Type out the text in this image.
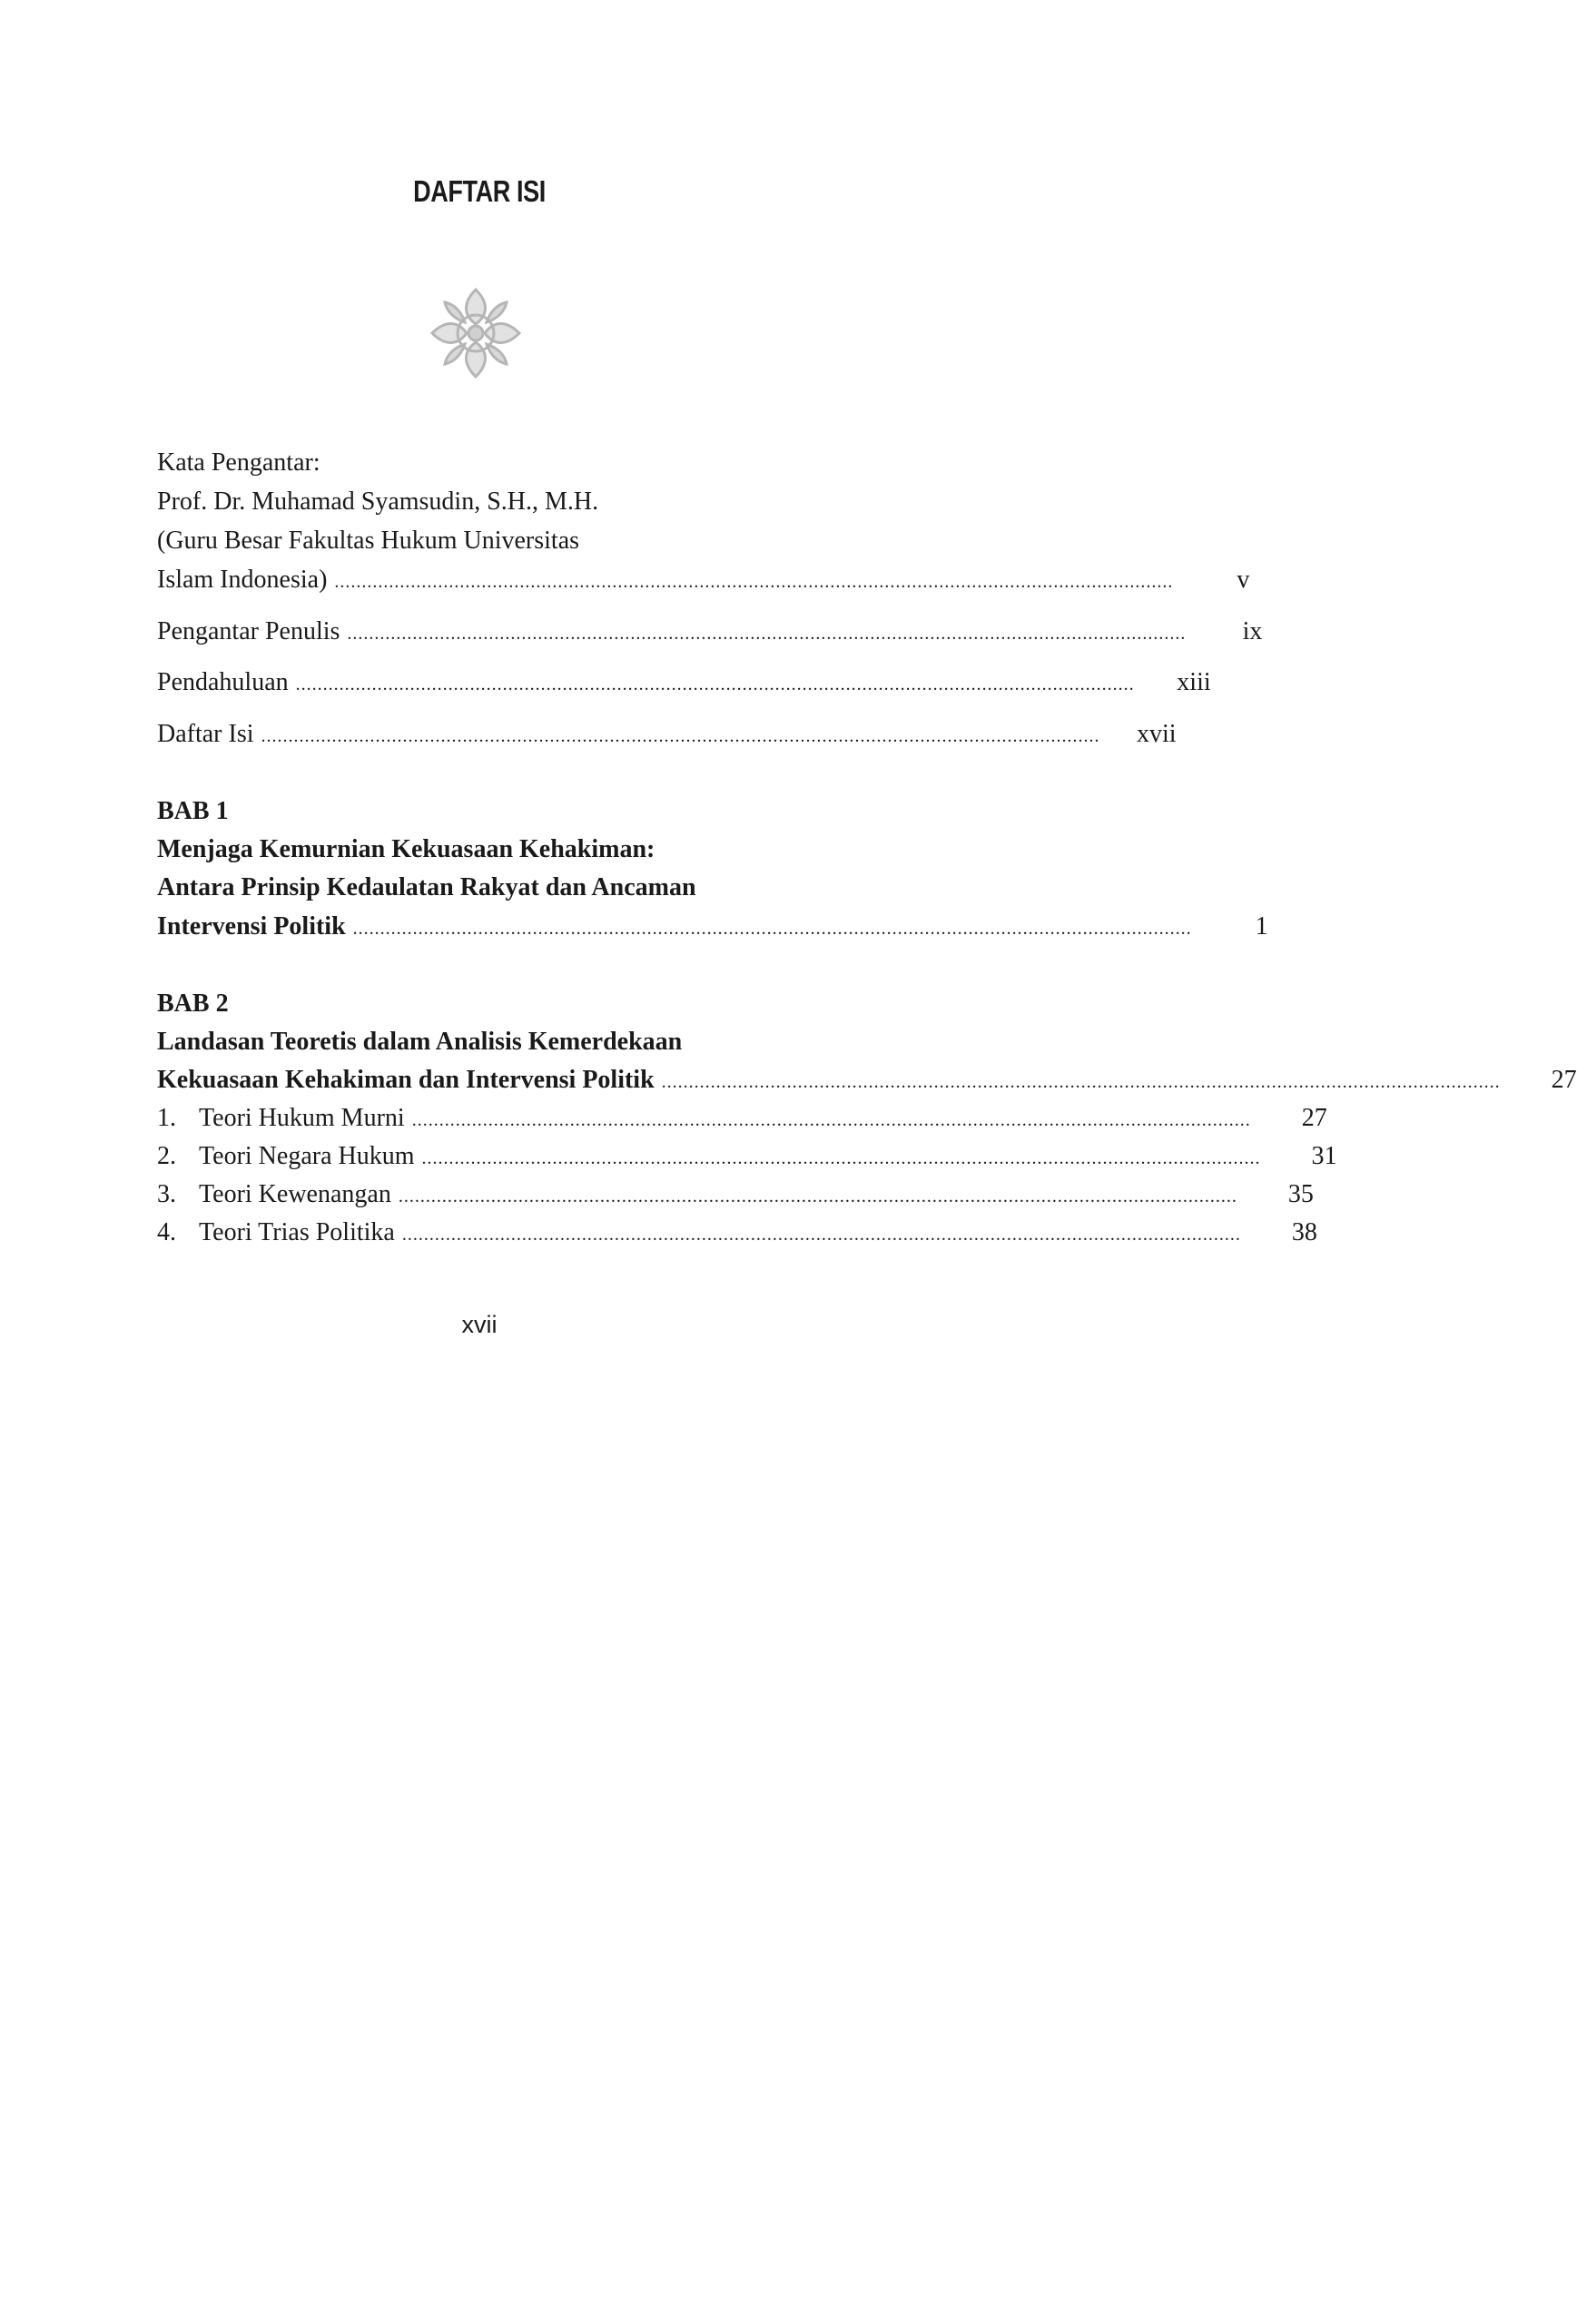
DAFTAR ISI
Kata Pengantar:
Prof. Dr. Muhamad Syamsudin, S.H., M.H.
(Guru Besar Fakultas Hukum Universitas
Islam Indonesia) ..........................................................................................................................................................	v
Pengantar Penulis ..........................................................................................................................................................	ix
Pendahuluan ..........................................................................................................................................................	xiii
Daftar Isi ..........................................................................................................................................................	xvii
BAB 1
Menjaga Kemurnian Kekuasaan Kehakiman:
Antara Prinsip Kedaulatan Rakyat dan Ancaman
Intervensi Politik ..........................................................................................................................................................	1
BAB 2
Landasan Teoretis dalam Analisis Kemerdekaan
Kekuasaan Kehakiman dan Intervensi Politik ..........................................................................................................................................................	27
1. Teori Hukum Murni ..........................................................................................................................................................	27
2. Teori Negara Hukum ..........................................................................................................................................................	31
3. Teori Kewenangan ..........................................................................................................................................................	35
4. Teori Trias Politika ..........................................................................................................................................................	38
xvii
